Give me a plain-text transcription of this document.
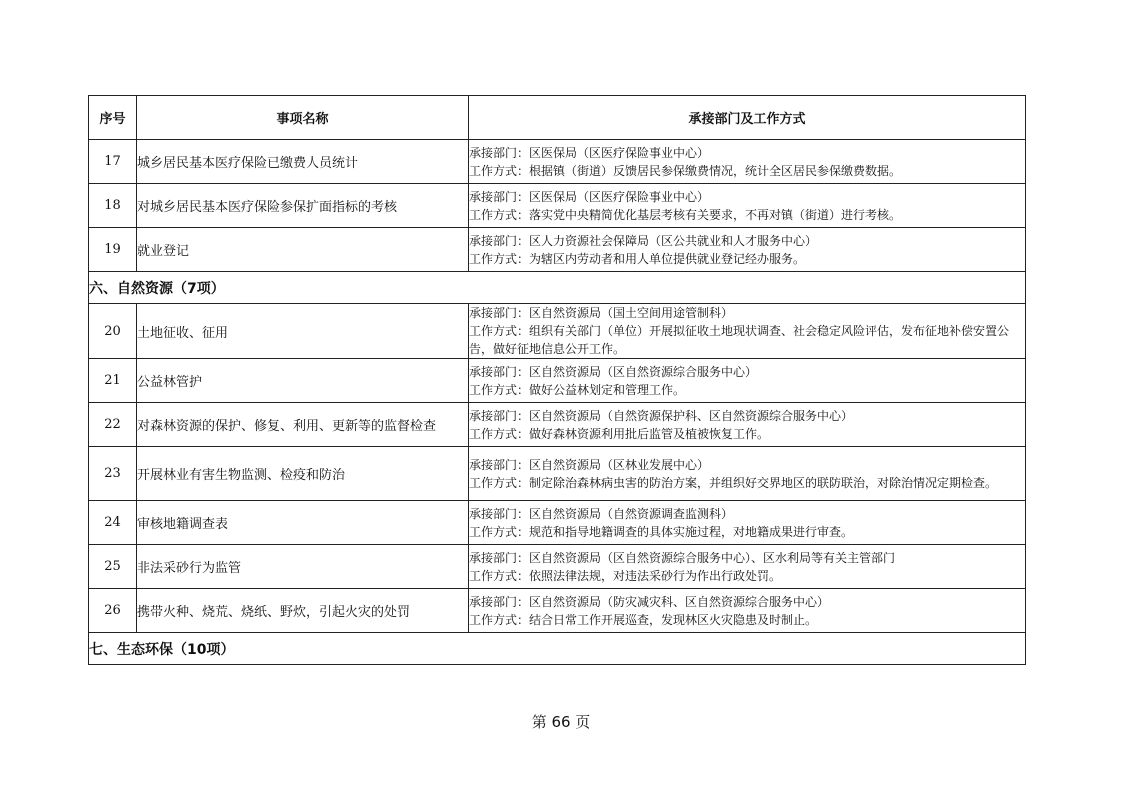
序号	事项名称	承接部门及工作方式
17	城乡居民基本医疗保险已缴费人员统计	承接部门：区医保局（区医疗保险事业中心）
工作方式：根据镇（街道）反馈居民参保缴费情况，统计全区居民参保缴费数据。

18	对城乡居民基本医疗保险参保扩面指标的考核	承接部门：区医保局（区医疗保险事业中心）
工作方式：落实党中央精简优化基层考核有关要求，不再对镇（街道）进行考核。

19	就业登记	承接部门：区人力资源社会保障局（区公共就业和人才服务中心）
工作方式：为辖区内劳动者和用人单位提供就业登记经办服务。

六、自然资源（7项）		
20	土地征收、征用	承接部门：区自然资源局（国土空间用途管制科）
工作方式：组织有关部门（单位）开展拟征收土地现状调查、社会稳定风险评估，发布征地补偿安置公告，做好征地信息公开工作。

21	公益林管护	承接部门：区自然资源局（区自然资源综合服务中心）
工作方式：做好公益林划定和管理工作。

22	对森林资源的保护、修复、利用、更新等的监督检查	承接部门：区自然资源局（自然资源保护科、区自然资源综合服务中心）
工作方式：做好森林资源利用批后监管及植被恢复工作。

23	开展林业有害生物监测、检疫和防治	承接部门：区自然资源局（区林业发展中心）
工作方式：制定除治森林病虫害的防治方案，并组织好交界地区的联防联治，对除治情况定期检查。

24	审核地籍调查表	承接部门：区自然资源局（自然资源调查监测科）
工作方式：规范和指导地籍调查的具体实施过程，对地籍成果进行审查。

25	非法采砂行为监管	承接部门：区自然资源局（区自然资源综合服务中心）、区水利局等有关主管部门
工作方式：依照法律法规，对违法采砂行为作出行政处罚。

26	携带火种、烧荒、烧纸、野炊，引起火灾的处罚	承接部门：区自然资源局（防灾减灾科、区自然资源综合服务中心）
工作方式：结合日常工作开展巡查，发现林区火灾隐患及时制止。

七、生态环保（10项）		
第 66 页
